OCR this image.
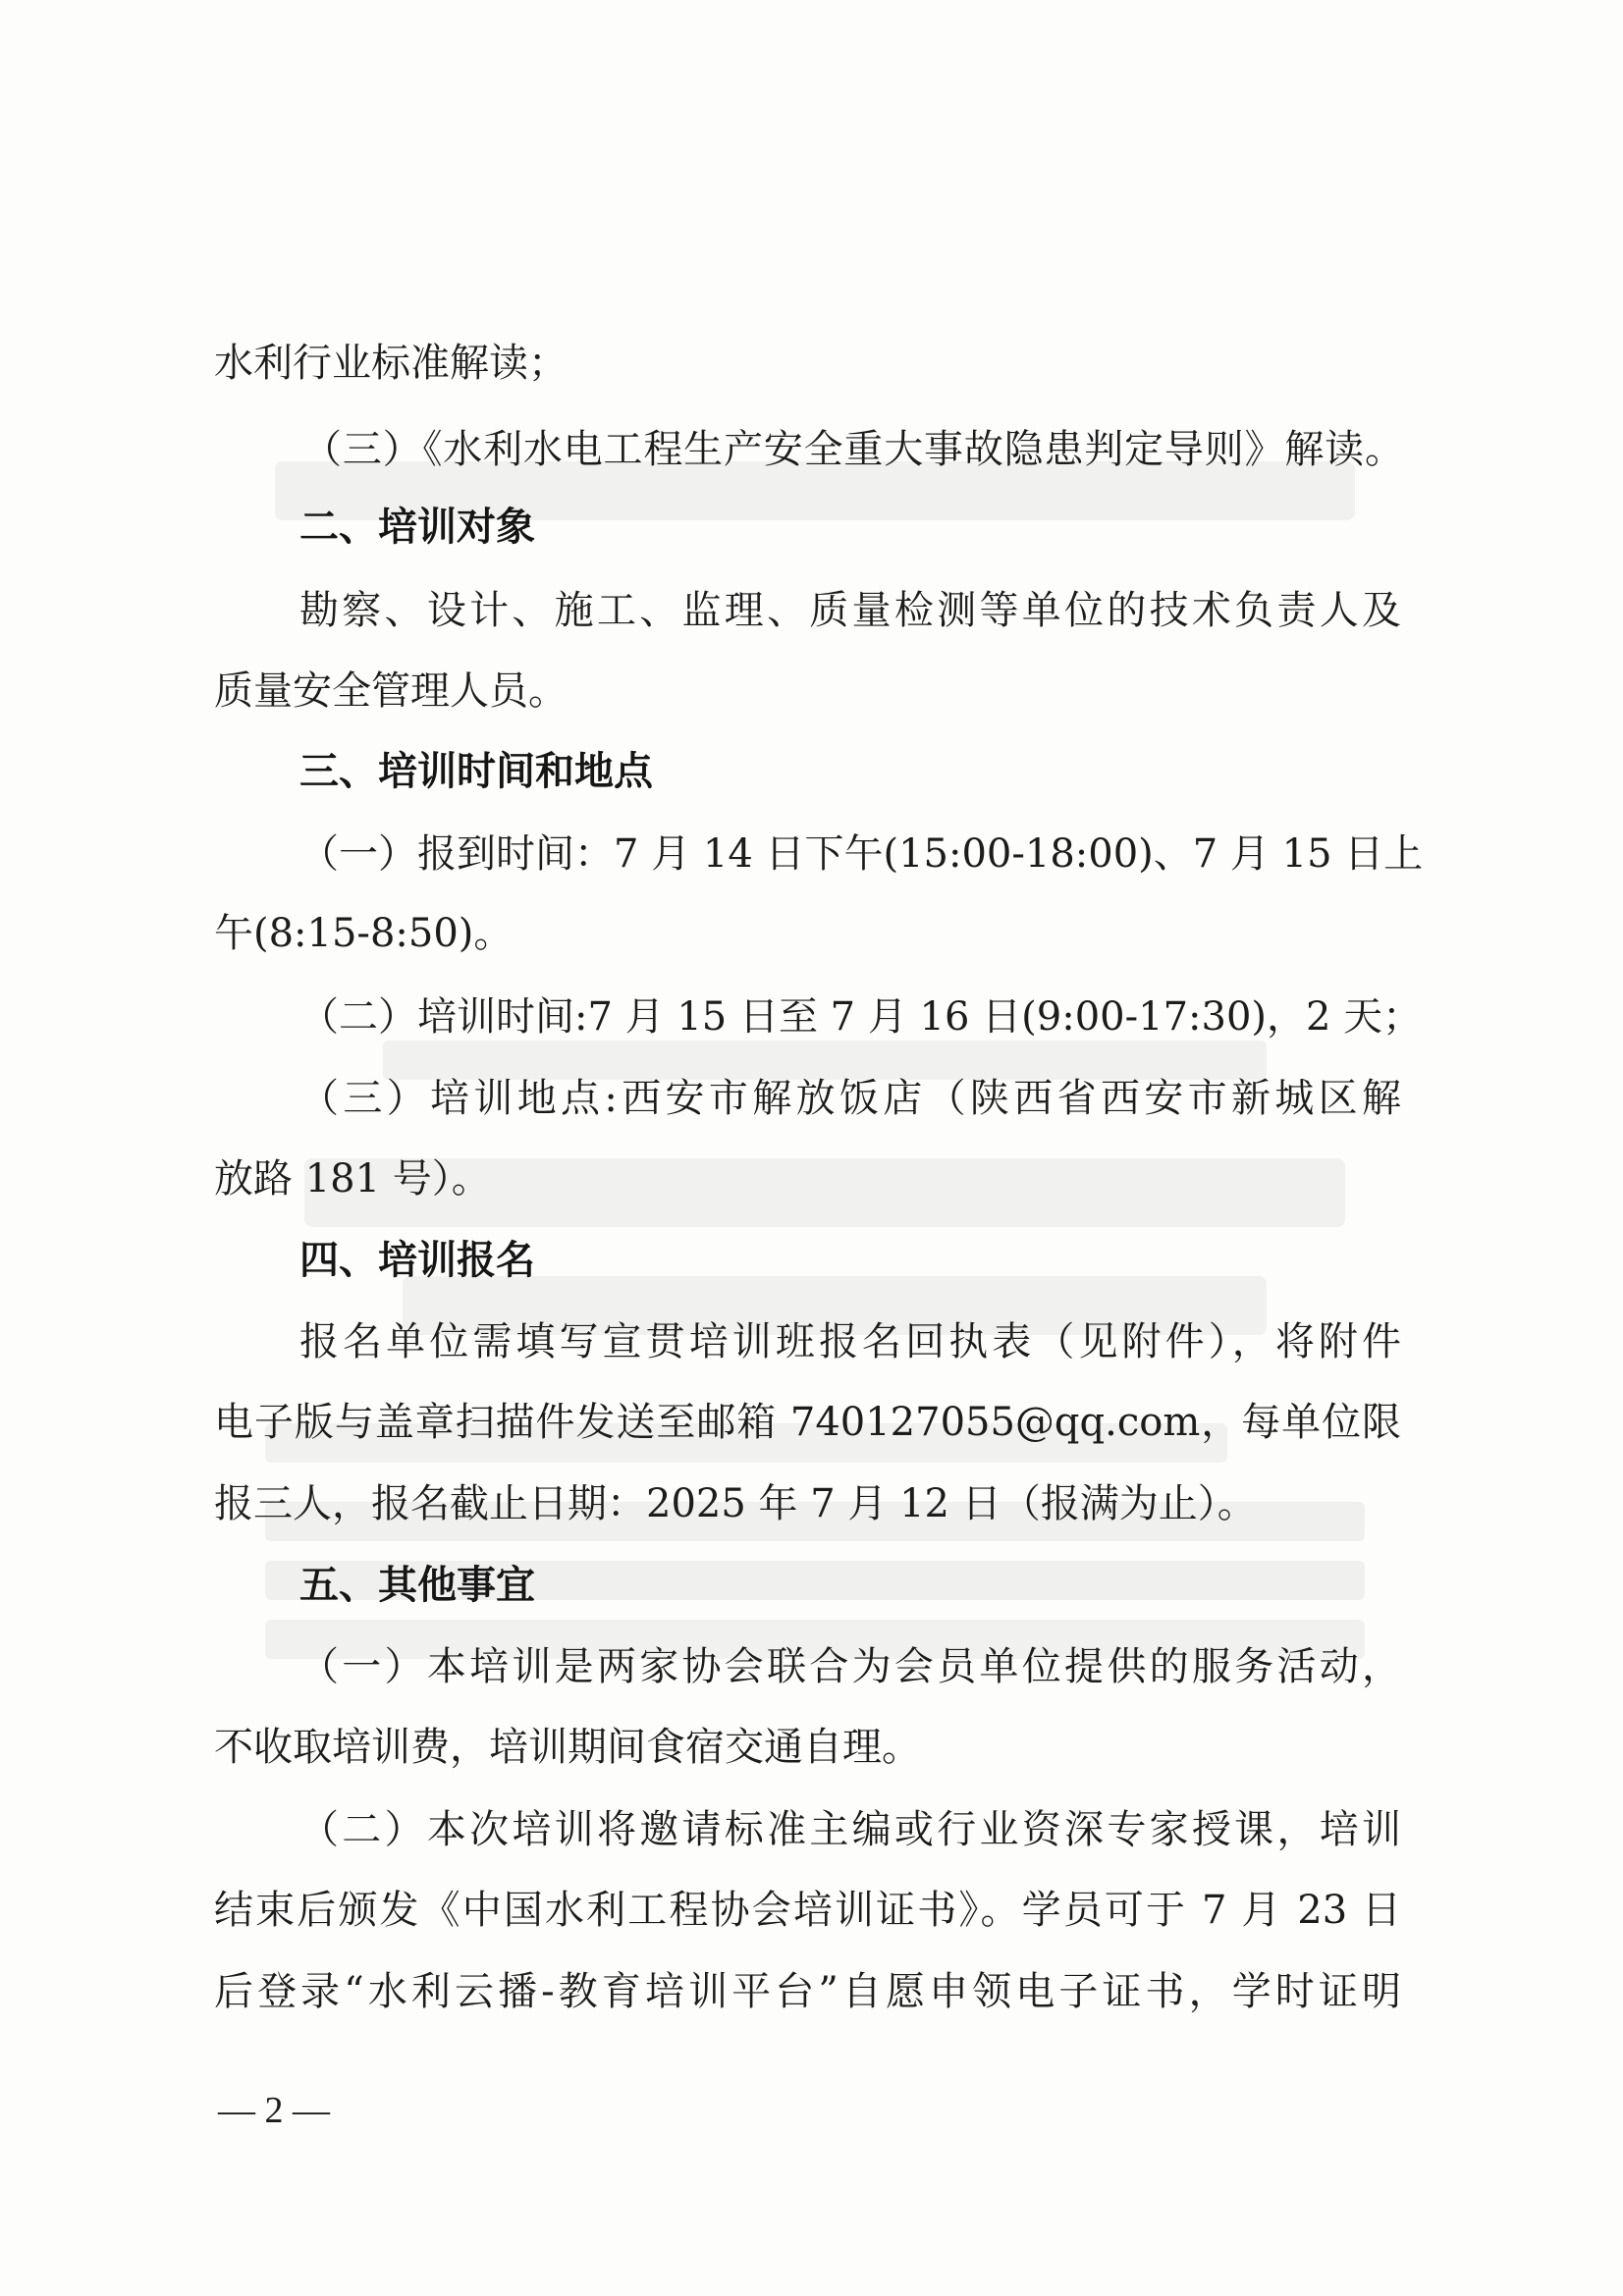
水利行业标准解读；
（三）《水利水电工程生产安全重大事故隐患判定导则》解读。
二、培训对象
勘察、设计、施工、监理、质量检测等单位的技术负责人及
质量安全管理人员。
三、培训时间和地点
（一）报到时间：7 月 14 日下午(15:00-18:00)、7 月 15 日上
午(8:15-8:50)。
（二）培训时间:7 月 15 日至 7 月 16 日(9:00-17:30)，2 天；
（三）培训地点:西安市解放饭店（陕西省西安市新城区解
放路 181 号）。
四、培训报名
报名单位需填写宣贯培训班报名回执表（见附件），将附件
电子版与盖章扫描件发送至邮箱 740127055@qq.com，每单位限
报三人，报名截止日期：2025 年 7 月 12 日（报满为止）。
五、其他事宜
（一）本培训是两家协会联合为会员单位提供的服务活动，
不收取培训费，培训期间食宿交通自理。
（二）本次培训将邀请标准主编或行业资深专家授课，培训
结束后颁发《中国水利工程协会培训证书》。学员可于 7 月 23 日
后登录“水利云播-教育培训平台”自愿申领电子证书，学时证明
— 2 —
